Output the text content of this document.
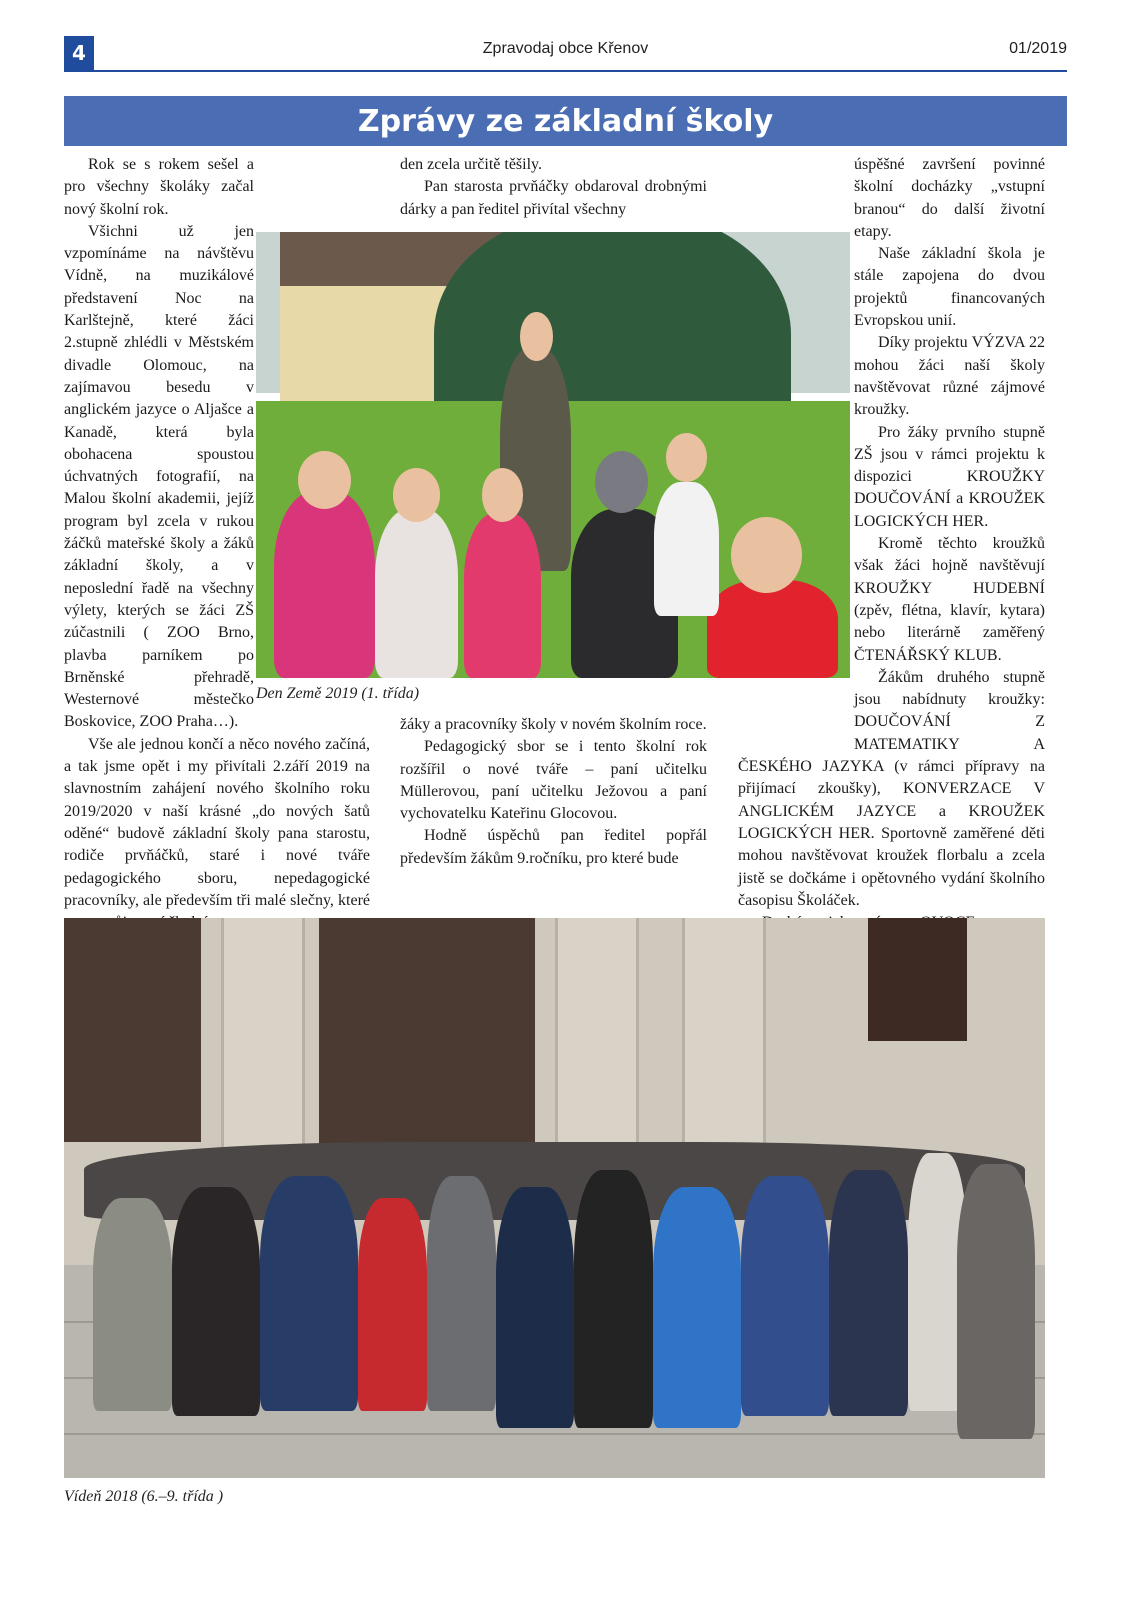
4	Zpravodaj obce Křenov	01/2019
Zprávy ze základní školy

Rok se s rokem sešel a pro všechny školáky začal nový školní rok.

Všichni už jen vzpomínáme na návštěvu Vídně, na muzikálové představení Noc na Karlštejně, které žáci 2.stupně zhlédli v Městském divadle Olomouc, na zajímavou besedu v anglickém jazyce o Aljašce a Kanadě, která byla obohacena spoustou úchvatných fotografií, na Malou školní akademii, jejíž program byl zcela v rukou žáčků mateřské školy a žáků základní školy, a v neposlední řadě na všechny výlety, kterých se žáci ZŠ zúčastnili ( ZOO Brno, plavba parníkem po Brněnské přehradě, Westernové městečko Boskovice, ZOO Praha…).

Vše ale jednou končí a něco nového začíná, a tak jsme opět i my přivítali 2.září 2019 na slavnostním zahájení nového školního roku 2019/2020 v naší krásné „do nových šatů oděné“ budově základní školy pana starostu, rodiče prvňáčků, staré i nové tváře pedagogického sboru, nepedagogické pracovníky, ale především tři malé slečny, které

den zcela určitě těšily.

Pan starosta prvňáčky obdaroval drobnými dárky a pan ředitel přivítal všechny

žáky a pracovníky školy v novém školním roce.

Pedagogický sbor se i tento školní rok rozšířil o nové tváře – paní učitelku Müllerovou, paní učitelku Ježovou a paní vychovatelku Kateřinu Glocovou.

Hodně úspěchů pan ředitel popřál především žákům 9.ročníku, pro které bude

úspěšné završení povinné školní docházky „vstupní branou“ do další životní etapy.

Naše základní škola je stále zapojena do dvou projektů financovaných Evropskou unií.

Díky projektu VÝZVA 22 mohou žáci naší školy navštěvovat různé zájmové kroužky.

Pro žáky prvního stupně ZŠ jsou v rámci projektu k dispozici KROUŽKY DOUČOVÁNÍ a KROUŽEK LOGICKÝCH HER.

Kromě těchto kroužků však žáci hojně navštěvují KROUŽKY HUDEBNÍ (zpěv, flétna, klavír, kytara) nebo literárně zaměřený ČTENÁŘSKÝ KLUB.

Žákům druhého stupně jsou nabídnuty kroužky: DOUČOVÁNÍ Z MATEMATIKY A ČESKÉHO JAZYKA (v rámci přípravy na přijímací zkoušky), KONVERZACE V ANGLICKÉM JAZYCE a KROUŽEK LOGICKÝCH HER. Sportovně zaměřené děti mohou navštěvovat kroužek florbalu a zcela jistě se dočkáme i opětovného vydání školního časopisu Školáček.

Den Země 2019 (1. třída)
Vídeň 2018 (6.–9. třída )
